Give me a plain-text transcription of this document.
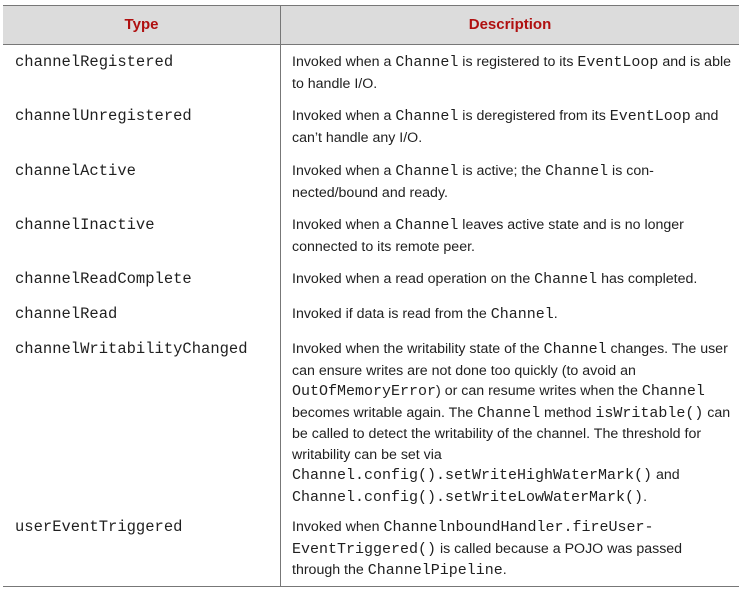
Type	Description
channelRegistered	Invoked when a Channel is registered to its EventLoop and is able to handle I/O.
channelUnregistered	Invoked when a Channel is deregistered from its EventLoop and can’t handle any I/O.
channelActive	Invoked when a Channel is active; the Channel is con-nected/bound and ready.
channelInactive	Invoked when a Channel leaves active state and is no longer connected to its remote peer.
channelReadComplete	Invoked when a read operation on the Channel has completed.
channelRead	Invoked if data is read from the Channel.
channelWritabilityChanged	Invoked when the writability state of the Channel changes. The user can ensure writes are not done too quickly (to avoid an OutOfMemoryError) or can resume writes when the Channel becomes writable again. The Channel method isWritable() can be called to detect the writability of the channel. The threshold for writability can be set via Channel.config().setWriteHighWaterMark() and Channel.config().setWriteLowWaterMark().
userEventTriggered	Invoked when ChannelnboundHandler.fireUser-EventTriggered() is called because a POJO was passed through the ChannelPipeline.
